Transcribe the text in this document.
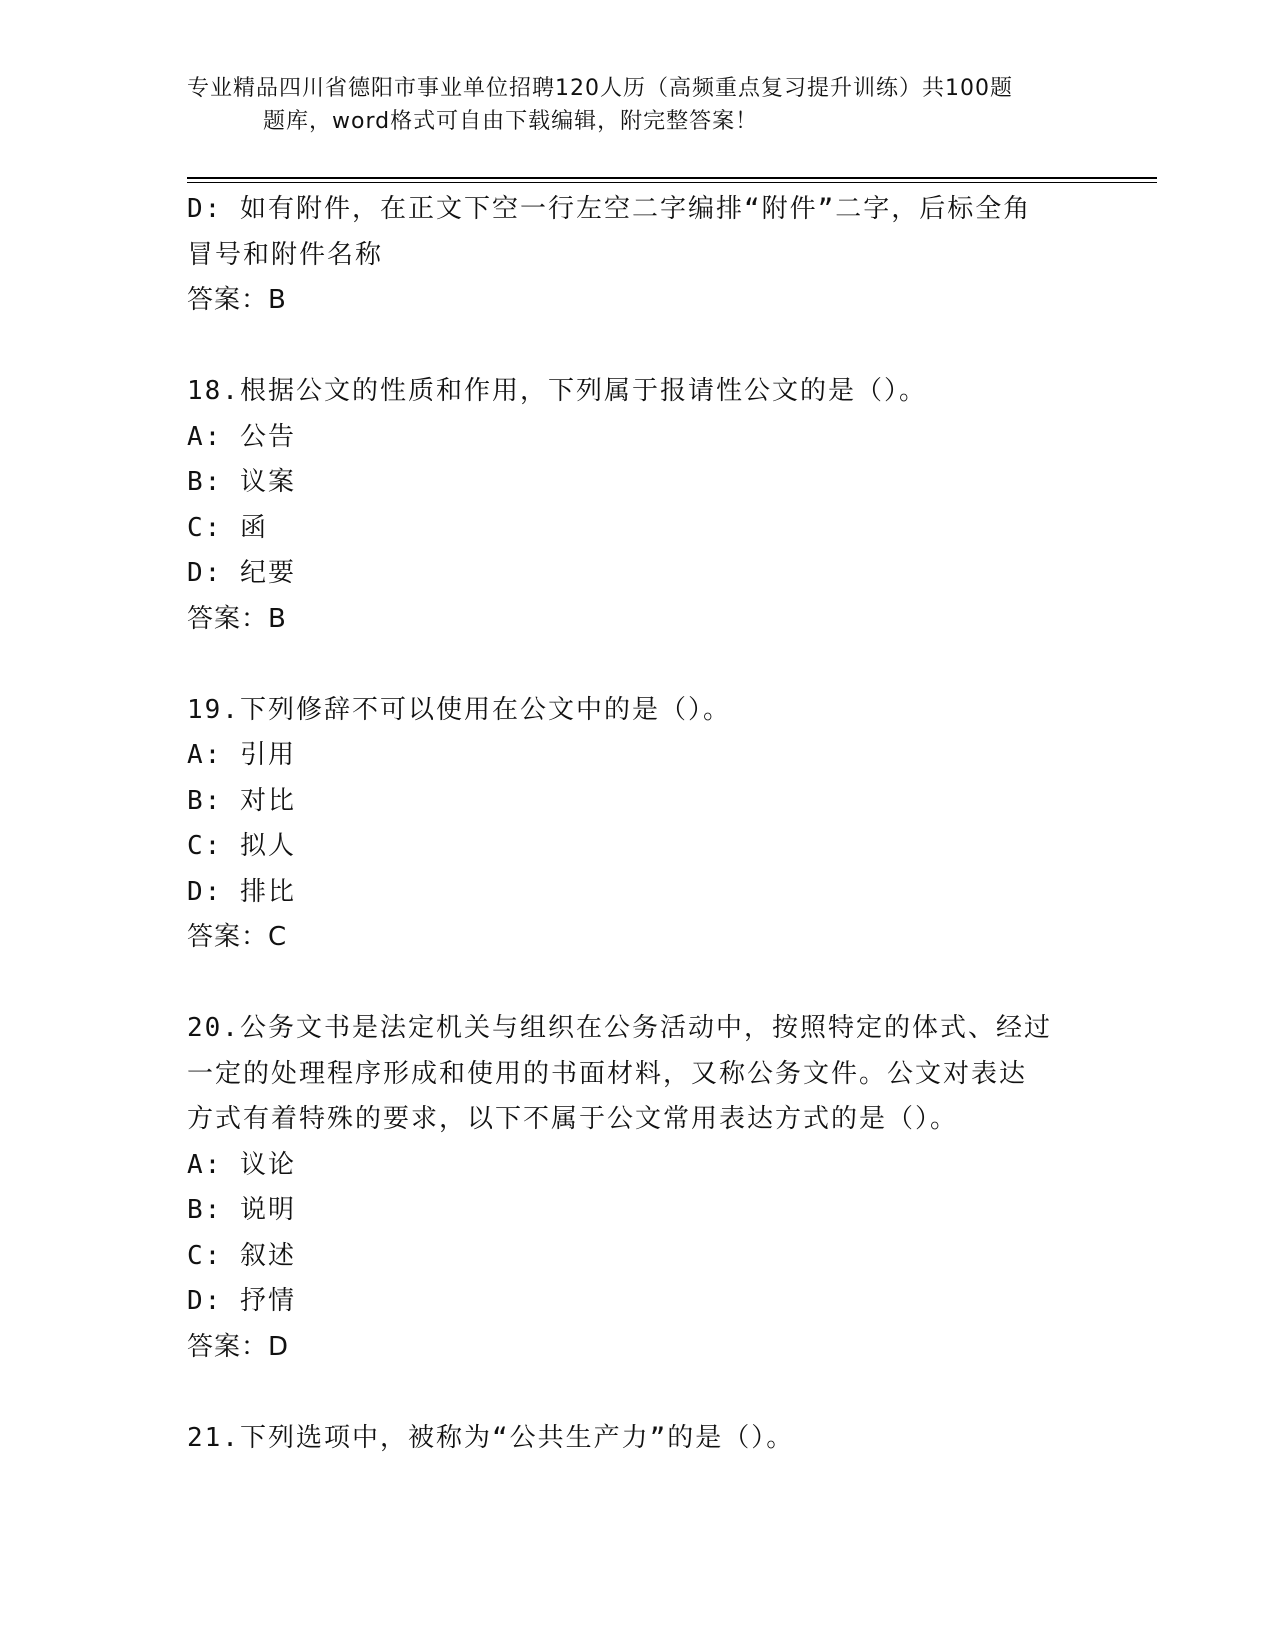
专业精品四川省德阳市事业单位招聘120人历（高频重点复习提升训练）共100题
题库，word格式可自由下载编辑，附完整答案！
D: 如有附件，在正文下空一行左空二字编排“附件”二字，后标全角
冒号和附件名称
答案：B
18.根据公文的性质和作用，下列属于报请性公文的是（）。
A: 公告
B: 议案
C: 函
D: 纪要
答案：B
19.下列修辞不可以使用在公文中的是（）。
A: 引用
B: 对比
C: 拟人
D: 排比
答案：C
20.公务文书是法定机关与组织在公务活动中，按照特定的体式、经过
一定的处理程序形成和使用的书面材料，又称公务文件。公文对表达
方式有着特殊的要求，以下不属于公文常用表达方式的是（）。
A: 议论
B: 说明
C: 叙述
D: 抒情
答案：D
21.下列选项中，被称为“公共生产力”的是（）。
